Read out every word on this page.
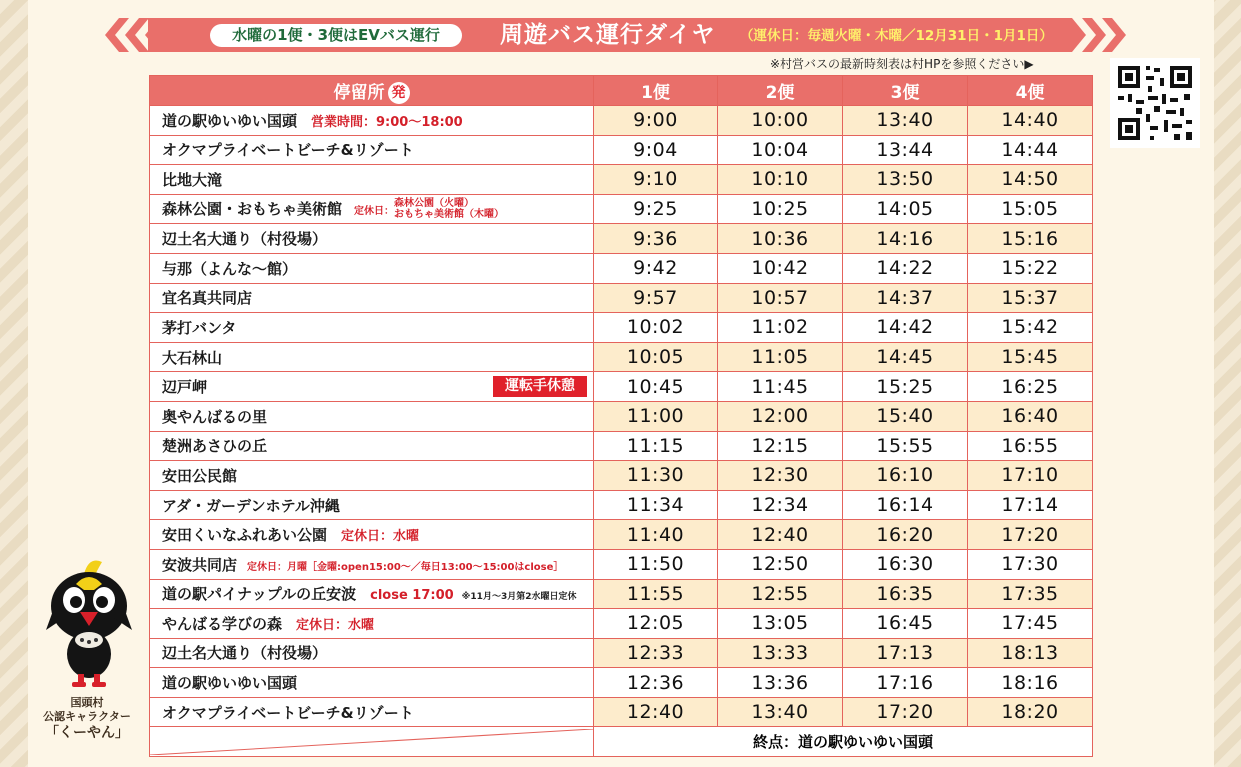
水曜の1便・3便はEVバス運行	周遊バス運行ダイヤ （運休日：毎週火曜・木曜／12月31日・1月1日）
※村営バスの最新時刻表は村HPを参照ください▶
停留所 発	1便	2便	3便	4便
道の駅ゆいゆい国頭 営業時間：9:00〜18:00	9:00	10:00	13:40	14:40
オクマプライベートビーチ&リゾート	9:04	10:04	13:44	14:44
比地大滝	9:10	10:10	13:50	14:50
森林公園・おもちゃ美術館 定休日：
森林公園（火曜）
おもちゃ美術館（木曜）	9:25	10:25	14:05	15:05
辺土名大通り（村役場）	9:36	10:36	14:16	15:16
与那（よんな〜館）	9:42	10:42	14:22	15:22
宜名真共同店	9:57	10:57	14:37	15:37
茅打バンタ	10:02	11:02	14:42	15:42
大石林山	10:05	11:05	14:45	15:45
辺戸岬 運転手休憩	10:45	11:45	15:25	16:25
奥やんばるの里	11:00	12:00	15:40	16:40
楚洲あさひの丘	11:15	12:15	15:55	16:55
安田公民館	11:30	12:30	16:10	17:10
アダ・ガーデンホテル沖縄	11:34	12:34	16:14	17:14
安田くいなふれあい公園 定休日：水曜	11:40	12:40	16:20	17:20
安波共同店 定休日：月曜［金曜:open15:00〜／毎日13:00〜15:00はclose］	11:50	12:50	16:30	17:30
道の駅パイナップルの丘安波 close 17:00 ※11月〜3月第2水曜日定休	11:55	12:55	16:35	17:35
やんばる学びの森 定休日：水曜	12:05	13:05	16:45	17:45
辺土名大通り（村役場）	12:33	13:33	17:13	18:13
道の駅ゆいゆい国頭	12:36	13:36	17:16	18:16
オクマプライベートビーチ&リゾート	12:40	13:40	17:20	18:20

	終点：道の駅ゆいゆい国頭			
国頭村
公認キャラクター
「くーやん」
